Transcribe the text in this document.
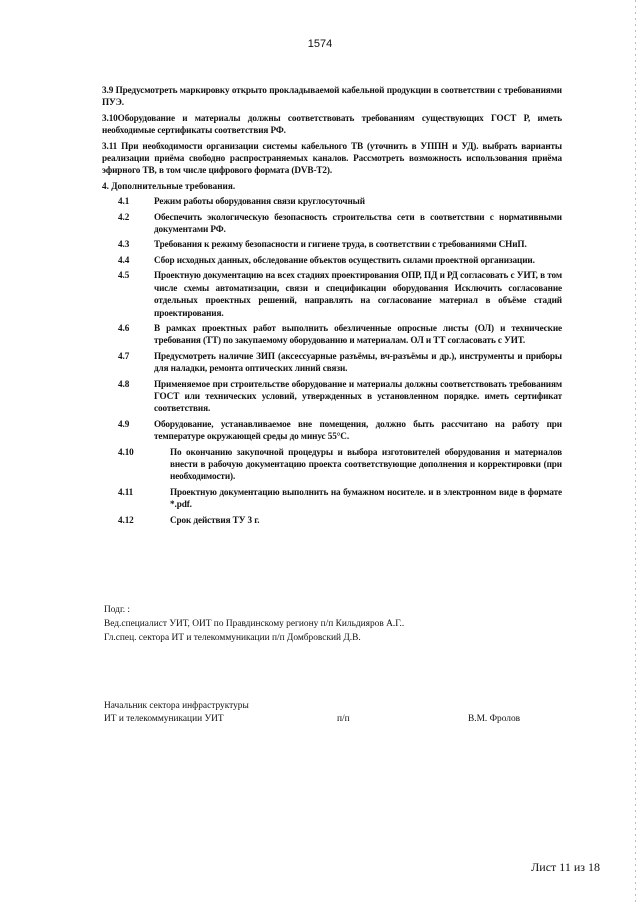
1574
3.9 Предусмотреть маркировку открыто прокладываемой кабельной продукции в соответствии с требованиями ПУЭ.
3.10Оборудование и материалы должны соответствовать требованиям существующих ГОСТ Р, иметь необходимые сертификаты соответствия РФ.
3.11 При необходимости организации системы кабельного ТВ (уточнить в УППН и УД). выбрать варианты реализации приёма свободно распространяемых каналов. Рассмотреть возможность использования приёма эфирного ТВ, в том числе цифрового формата (DVB-T2).
4. Дополнительные требования.
4.1	Режим работы оборудования связи круглосуточный
4.2	Обеспечить экологическую безопасность строительства сети в соответствии с нормативными документами РФ.
4.3	Требования к режиму безопасности и гигиене труда, в соответствии с требованиями СНиП.
4.4	Сбор исходных данных, обследование объектов осуществить силами проектной организации.
4.5	Проектную документацию на всех стадиях проектирования ОПР, ПД и РД согласовать с УИТ, в том числе схемы автоматизации, связи и спецификации оборудования Исключить согласование отдельных проектных решений, направлять на согласование материал в объёме стадий проектирования.
4.6	В рамках проектных работ выполнить обезличенные опросные листы (ОЛ) и технические требования (ТТ) по закупаемому оборудованию и материалам. ОЛ и ТТ согласовать с УИТ.
4.7	Предусмотреть наличие ЗИП (аксессуарные разъёмы, вч-разъёмы и др.), инструменты и приборы для наладки, ремонта оптических линий связи.
4.8	Применяемое при строительстве оборудование и материалы должны соответствовать требованиям ГОСТ или технических условий, утвержденных в установленном порядке. иметь сертификат соответствия.
4.9	Оборудование, устанавливаемое вне помещения, должно быть рассчитано на работу при температуре окружающей среды до минус 55°С.
4.10	По окончанию закупочной процедуры и выбора изготовителей оборудования и материалов внести в рабочую документацию проекта соответствующие дополнения и корректировки (при необходимости).
4.11	Проектную документацию выполнить на бумажном носителе. и в электронном виде в формате *.pdf.
4.12	Срок действия ТУ 3 г.
Подг. :
Вед.специалист УИТ, ОИТ по Правдинскому региону п/п Кильдияров А.Г..
Гл.спец. сектора ИТ и телекоммуникации п/п Домбровский Д.В.
Начальник сектора инфраструктуры
ИТ и телекоммуникации УИТ	п/п	В.М. Фролов
Лист 11 из 18
